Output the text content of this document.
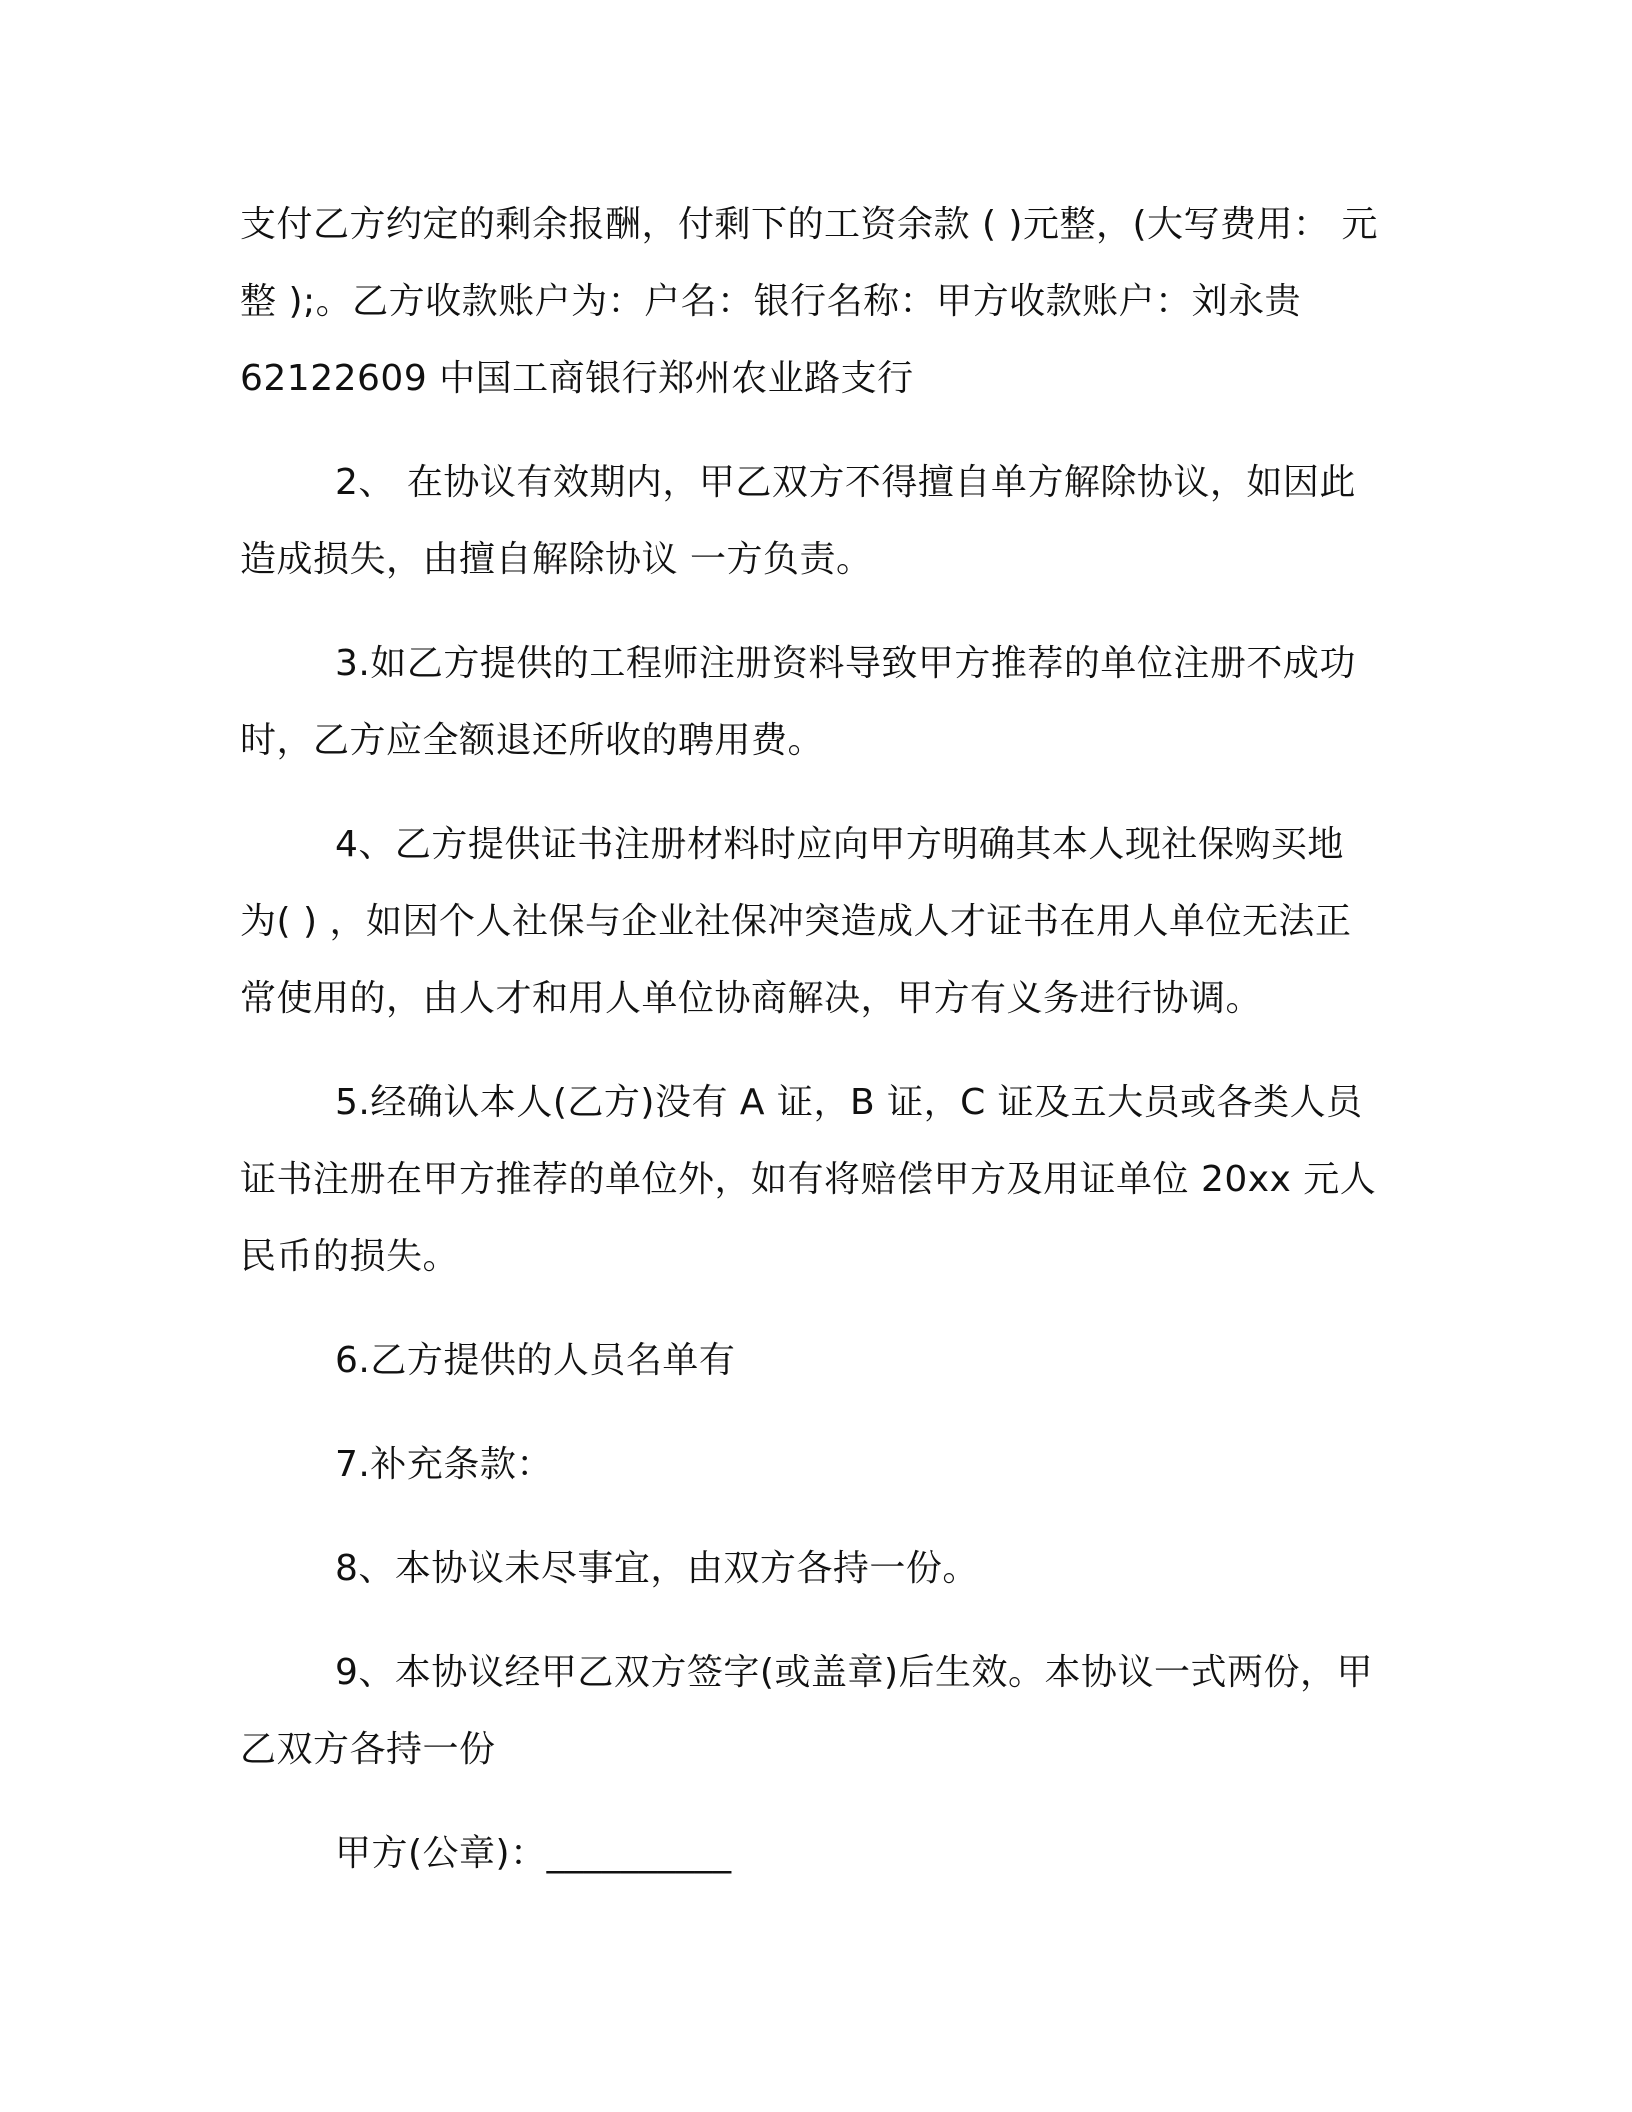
支付乙方约定的剩余报酬，付剩下的工资余款 ( )元整，(大写费用： 元
整 );。乙方收款账户为：户名：银行名称：甲方收款账户：刘永贵
62122609 中国工商银行郑州农业路支行

2、 在协议有效期内，甲乙双方不得擅自单方解除协议，如因此
造成损失，由擅自解除协议 一方负责。

3.如乙方提供的工程师注册资料导致甲方推荐的单位注册不成功
时，乙方应全额退还所收的聘用费。

4、乙方提供证书注册材料时应向甲方明确其本人现社保购买地
为( ) ，如因个人社保与企业社保冲突造成人才证书在用人单位无法正
常使用的，由人才和用人单位协商解决，甲方有义务进行协调。

5.经确认本人(乙方)没有 A 证，B 证，C 证及五大员或各类人员
证书注册在甲方推荐的单位外，如有将赔偿甲方及用证单位 20xx 元人
民币的损失。

6.乙方提供的人员名单有

7.补充条款：

8、本协议未尽事宜，由双方各持一份。

9、本协议经甲乙双方签字(或盖章)后生效。本协议一式两份，甲
乙双方各持一份

甲方(公章)：__________
